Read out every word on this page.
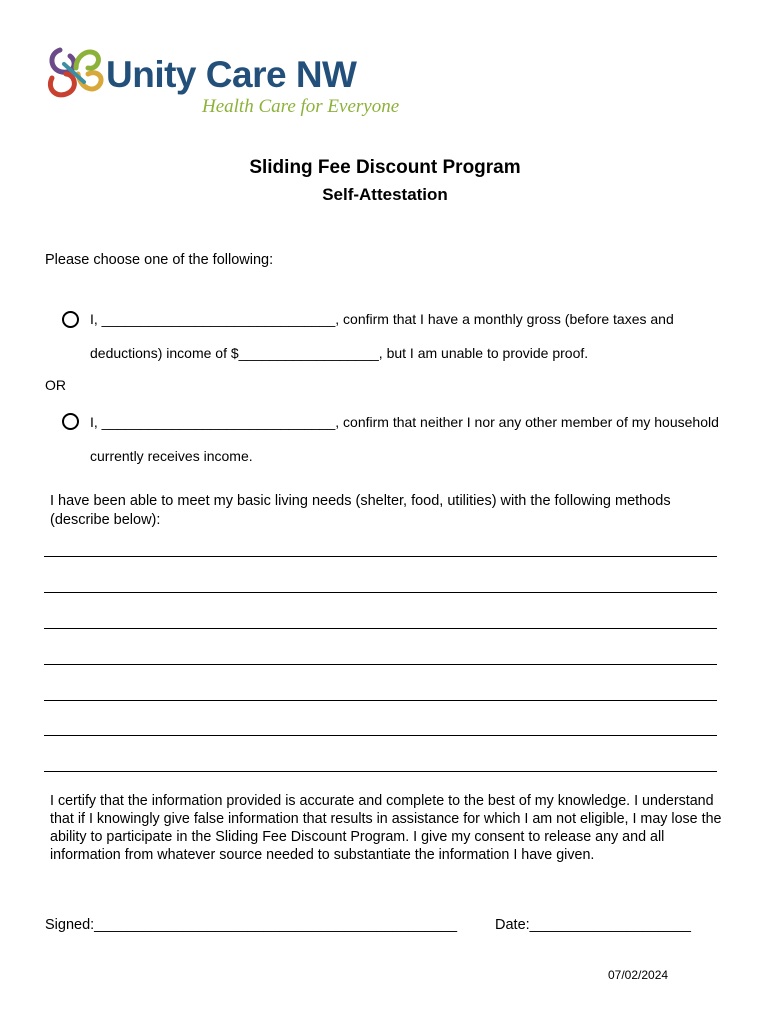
Unity Care NW
Health Care for Everyone
Sliding Fee Discount Program
Self-Attestation
Please choose one of the following:
I, ______________________________, confirm that I have a monthly gross (before taxes and
deductions) income of $__________________, but I am unable to provide proof.
OR
I, ______________________________, confirm that neither I nor any other member of my household
currently receives income.
I have been able to meet my basic living needs (shelter, food, utilities) with the following methods
(describe below):
I certify that the information provided is accurate and complete to the best of my knowledge. I understand that if I knowingly give false information that results in assistance for which I am not eligible, I may lose the ability to participate in the Sliding Fee Discount Program. I give my consent to release any and all information from whatever source needed to substantiate the information I have given.
Signed:_____________________________________________	Date:____________________
07/02/2024
